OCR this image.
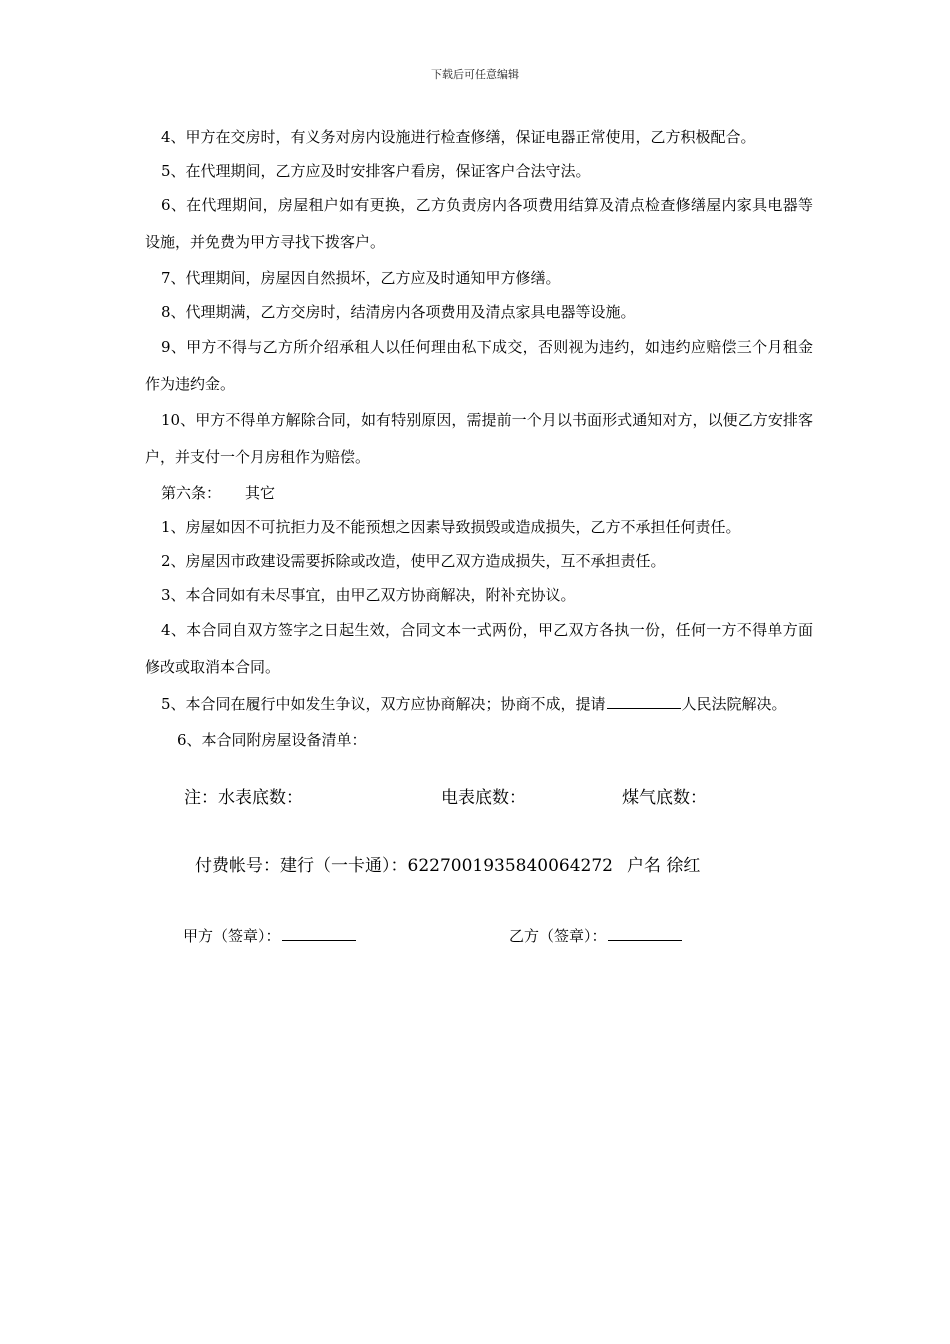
下载后可任意编辑

4、甲方在交房时，有义务对房内设施进行检查修缮，保证电器正常使用，乙方积极配合。

5、在代理期间，乙方应及时安排客户看房，保证客户合法守法。

6、在代理期间，房屋租户如有更换，乙方负责房内各项费用结算及清点检查修缮屋内家具电器等设施，并免费为甲方寻找下拨客户。

7、代理期间，房屋因自然损坏，乙方应及时通知甲方修缮。

8、代理期满，乙方交房时，结清房内各项费用及清点家具电器等设施。

9、甲方不得与乙方所介绍承租人以任何理由私下成交，否则视为违约，如违约应赔偿三个月租金作为违约金。

10、甲方不得单方解除合同，如有特别原因，需提前一个月以书面形式通知对方，以便乙方安排客户，并支付一个月房租作为赔偿。

第六条： 其它

1、房屋如因不可抗拒力及不能预想之因素导致损毁或造成损失，乙方不承担任何责任。

2、房屋因市政建设需要拆除或改造，使甲乙双方造成损失，互不承担责任。

3、本合同如有未尽事宜，由甲乙双方协商解决，附补充协议。

4、本合同自双方签字之日起生效，合同文本一式两份，甲乙双方各执一份，任何一方不得单方面修改或取消本合同。

5、本合同在履行中如发生争议，双方应协商解决；协商不成，提请	人民法院解决。

6、本合同附房屋设备清单：

注：水表底数：	电表底数：	煤气底数：
付费帐号：建行（一卡通）：6227001935840064272 户名 徐红
甲方（签章）：	乙方（签章）：
